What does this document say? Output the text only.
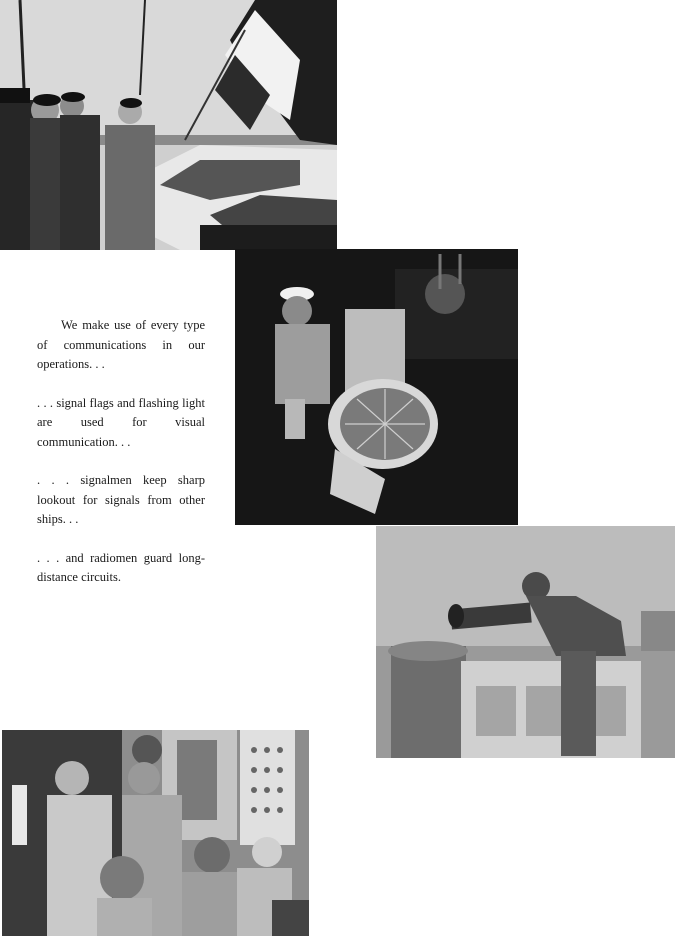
We make use of every type of communications in our operations. . .

. . . signal flags and flashing light are used for visual communication. . .

. . . signalmen keep sharp lookout for signals from other ships. . .

. . . and radiomen guard long-distance circuits.
